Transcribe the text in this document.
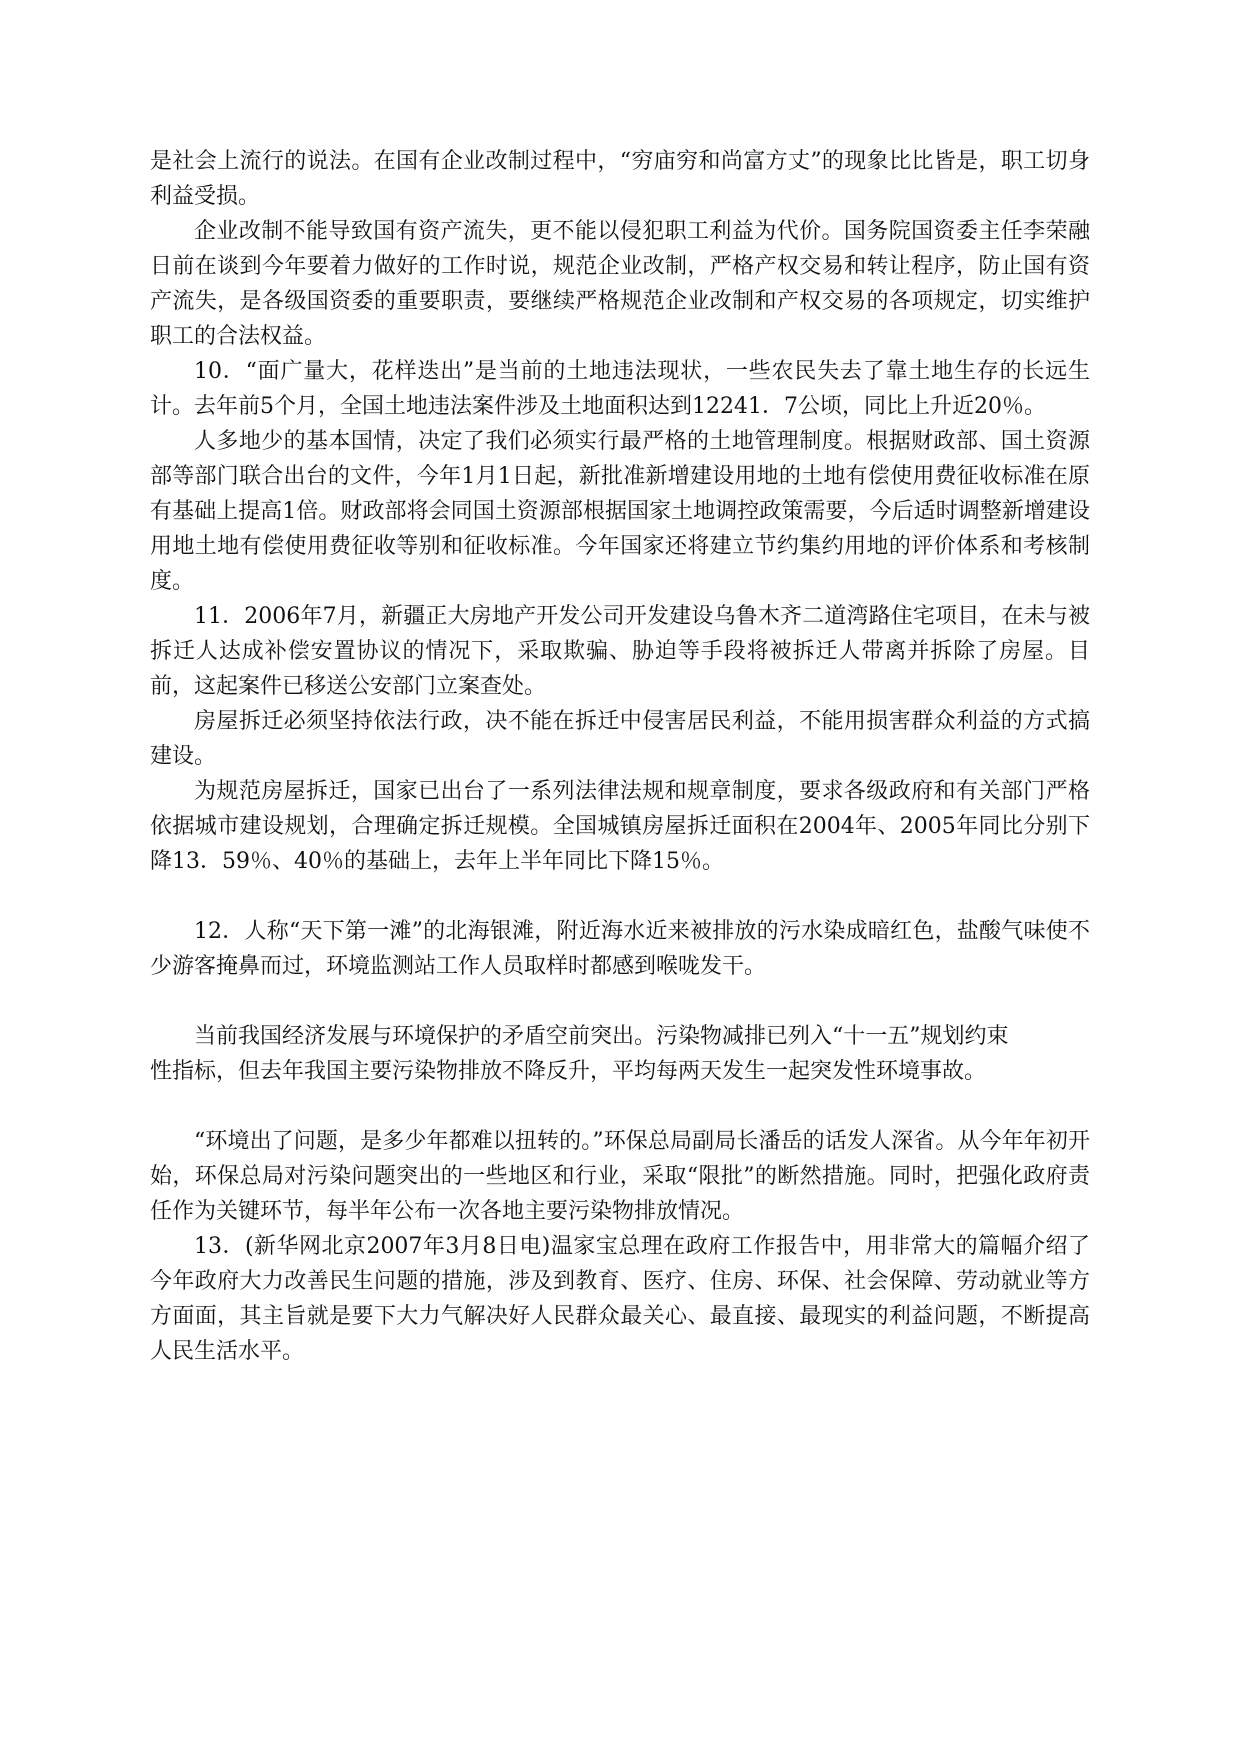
是社会上流行的说法。在国有企业改制过程中，“穷庙穷和尚富方丈”的现象比比皆是，职工切身利益受损。

企业改制不能导致国有资产流失，更不能以侵犯职工利益为代价。国务院国资委主任李荣融日前在谈到今年要着力做好的工作时说，规范企业改制，严格产权交易和转让程序，防止国有资产流失，是各级国资委的重要职责，要继续严格规范企业改制和产权交易的各项规定，切实维护职工的合法权益。

10．“面广量大，花样迭出”是当前的土地违法现状，一些农民失去了靠土地生存的长远生计。去年前5个月，全国土地违法案件涉及土地面积达到12241．7公顷，同比上升近20％。

人多地少的基本国情，决定了我们必须实行最严格的土地管理制度。根据财政部、国土资源部等部门联合出台的文件，今年1月1日起，新批准新增建设用地的土地有偿使用费征收标准在原有基础上提高1倍。财政部将会同国土资源部根据国家土地调控政策需要，今后适时调整新增建设用地土地有偿使用费征收等别和征收标准。今年国家还将建立节约集约用地的评价体系和考核制度。

11．2006年7月，新疆正大房地产开发公司开发建设乌鲁木齐二道湾路住宅项目，在未与被拆迁人达成补偿安置协议的情况下，采取欺骗、胁迫等手段将被拆迁人带离并拆除了房屋。目前，这起案件已移送公安部门立案查处。

房屋拆迁必须坚持依法行政，决不能在拆迁中侵害居民利益，不能用损害群众利益的方式搞建设。

为规范房屋拆迁，国家已出台了一系列法律法规和规章制度，要求各级政府和有关部门严格依据城市建设规划，合理确定拆迁规模。全国城镇房屋拆迁面积在2004年、2005年同比分别下降13．59％、40％的基础上，去年上半年同比下降15％。

12．人称“天下第一滩”的北海银滩，附近海水近来被排放的污水染成暗红色，盐酸气味使不少游客掩鼻而过，环境监测站工作人员取样时都感到喉咙发干。

当前我国经济发展与环境保护的矛盾空前突出。污染物减排已列入“十一五”规划约束

性指标，但去年我国主要污染物排放不降反升，平均每两天发生一起突发性环境事故。

“环境出了问题，是多少年都难以扭转的。”环保总局副局长潘岳的话发人深省。从今年年初开始，环保总局对污染问题突出的一些地区和行业，采取“限批”的断然措施。同时，把强化政府责任作为关键环节，每半年公布一次各地主要污染物排放情况。

13．(新华网北京2007年3月8日电)温家宝总理在政府工作报告中，用非常大的篇幅介绍了今年政府大力改善民生问题的措施，涉及到教育、医疗、住房、环保、社会保障、劳动就业等方方面面，其主旨就是要下大力气解决好人民群众最关心、最直接、最现实的利益问题，不断提高人民生活水平。
